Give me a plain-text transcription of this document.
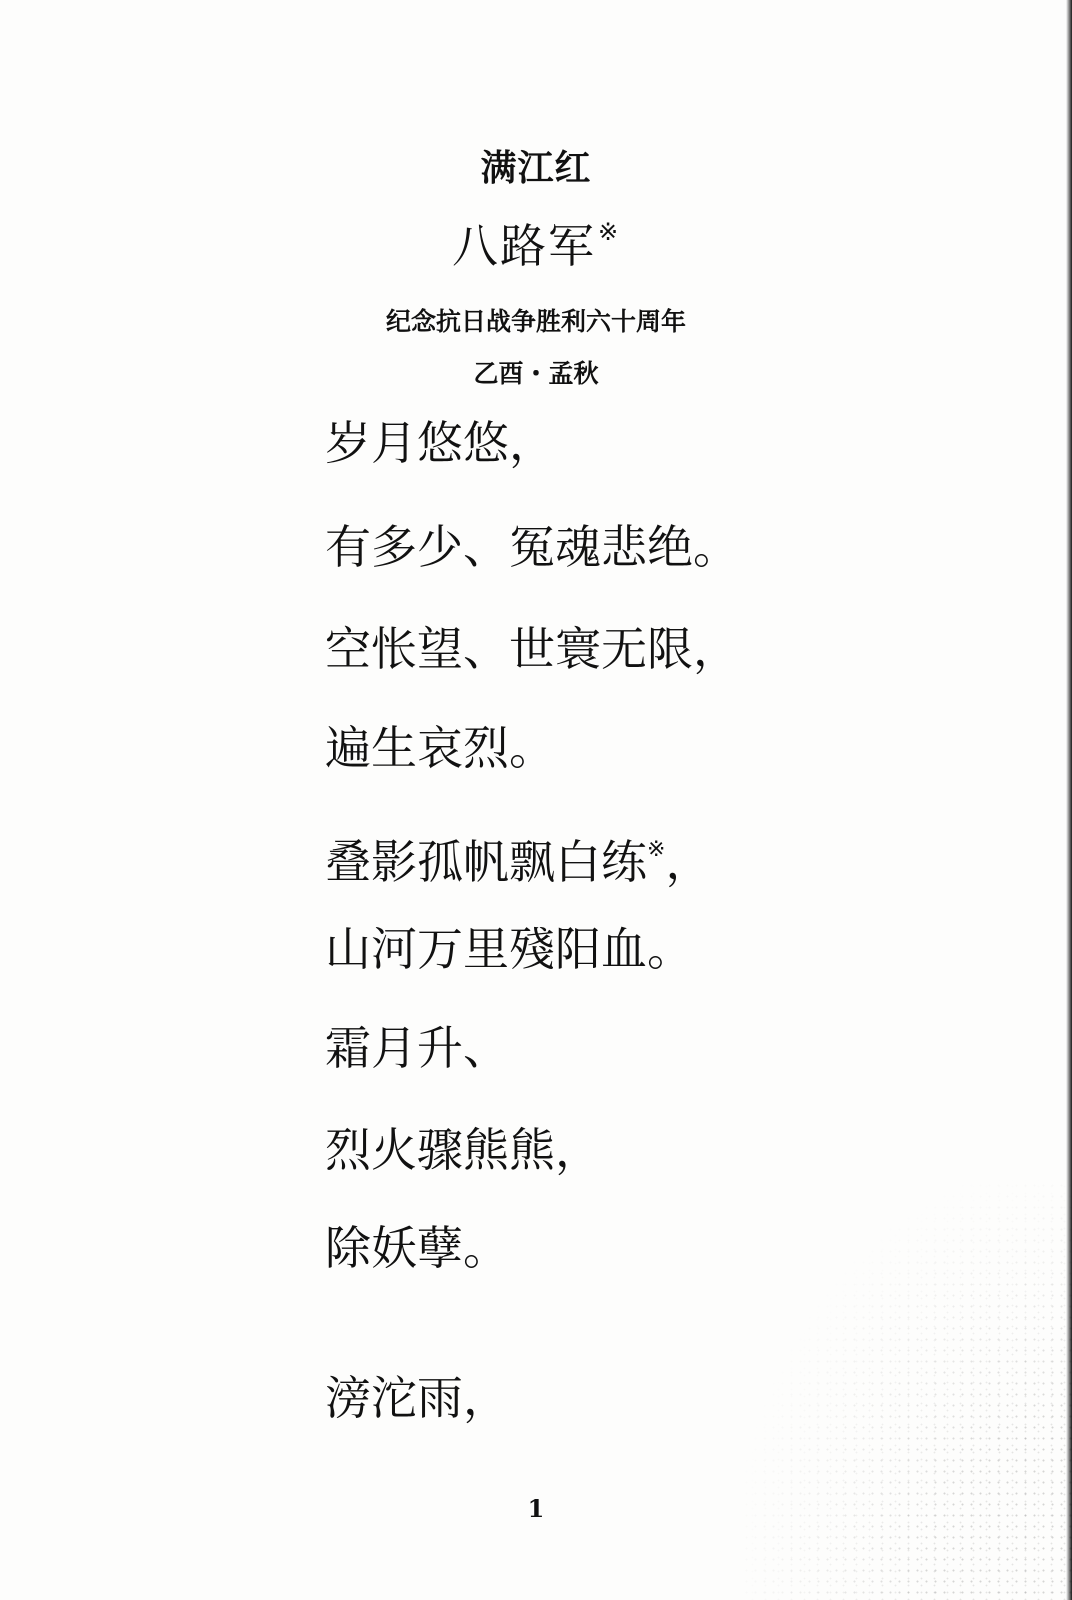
满江红
八路军※
纪念抗日战争胜利六十周年
乙酉・孟秋
岁月悠悠，
有多少、冤魂悲绝。
空怅望、世寰无限，
遍生哀烈。
叠影孤帆飘白练※，
山河万里殘阳血。
霜月升、
烈火骤熊熊，
除妖孽。
滂沱雨，
1
